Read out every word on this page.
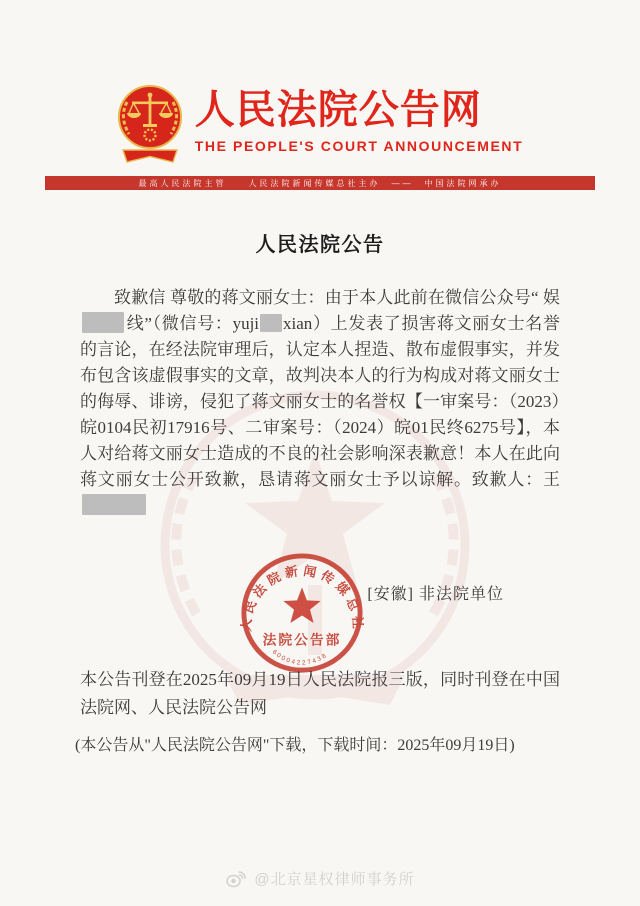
人民法院公告网
THE PEOPLE'S COURT ANNOUNCEMENT
最高人民法院主管　　人民法院新闻传媒总社主办　——　中国法院网承办
人民法院公告

致歉信 尊敬的蒋文丽女士：由于本人此前在微信公众号“ 娱线”（微信号：yuji xian）上发表了损害蒋文丽女士名誉的言论，在经法院审理后，认定本人捏造、散布虚假事实，并发布包含该虚假事实的文章，故判决本人的行为构成对蒋文丽女士的侮辱、诽谤，侵犯了蒋文丽女士的名誉权【一审案号：（2023）皖0104民初17916号、二审案号：（2024）皖01民终6275号】，本人对给蒋文丽女士造成的不良的社会影响深表歉意！本人在此向蒋文丽女士公开致歉，恳请蒋文丽女士予以谅解。致歉人：王

[安徽] 非法院单位

本公告刊登在2025年09月19日人民法院报三版，同时刊登在中国法院网、人民法院公告网

(本公告从"人民法院公告网"下载，下载时间：2025年09月19日)

人民法院新闻传媒总社
法院公告部
60004227438
@北京星权律师事务所
